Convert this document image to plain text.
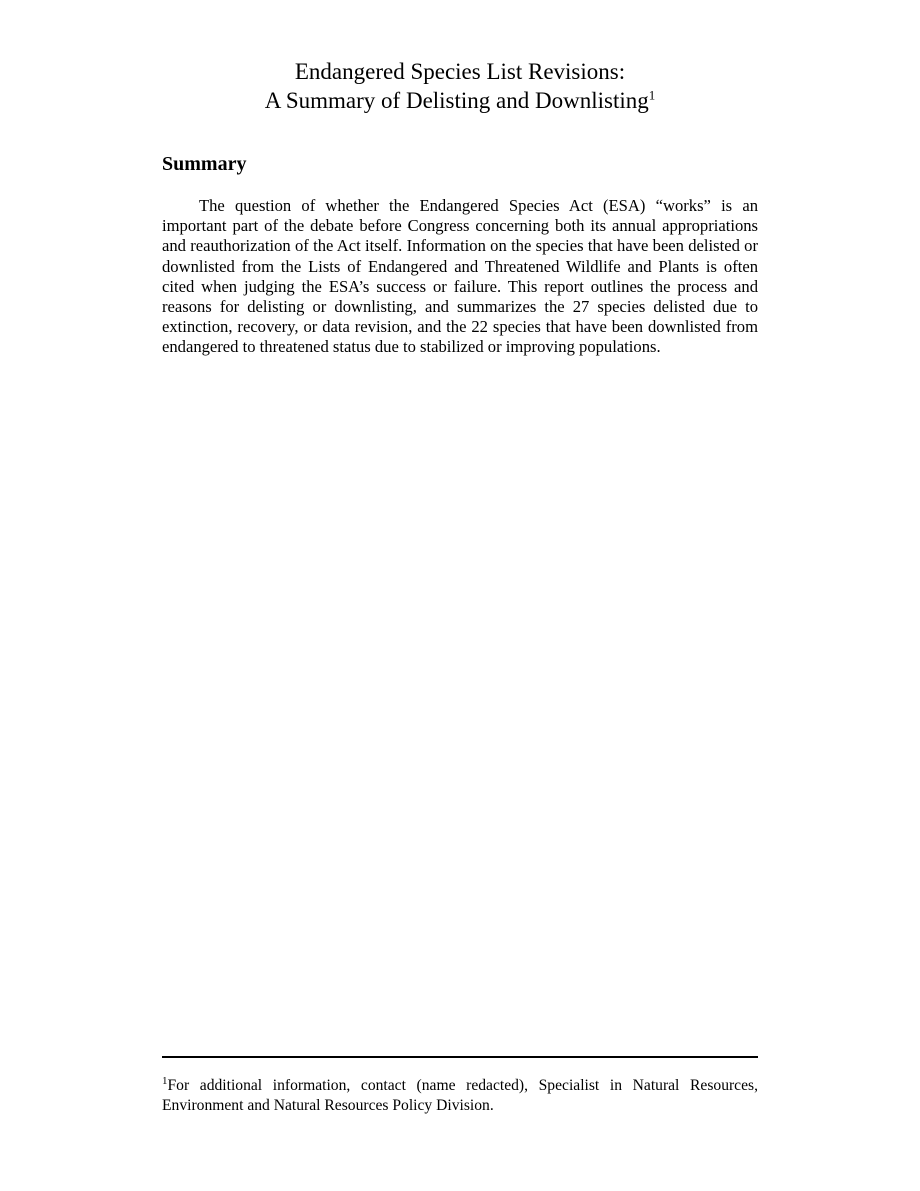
Endangered Species List Revisions:
A Summary of Delisting and Downlisting$^1$
Summary

The question of whether the Endangered Species Act (ESA) “works” is an important part of the debate before Congress concerning both its annual appropriations and reauthorization of the Act itself. Information on the species that have been delisted or downlisted from the Lists of Endangered and Threatened Wildlife and Plants is often cited when judging the ESA’s success or failure. This report outlines the process and reasons for delisting or downlisting, and summarizes the 27 species delisted due to extinction, recovery, or data revision, and the 22 species that have been downlisted from endangered to threatened status due to stabilized or improving populations.

$^1$For additional information, contact (name redacted), Specialist in Natural Resources, Environment and Natural Resources Policy Division.
